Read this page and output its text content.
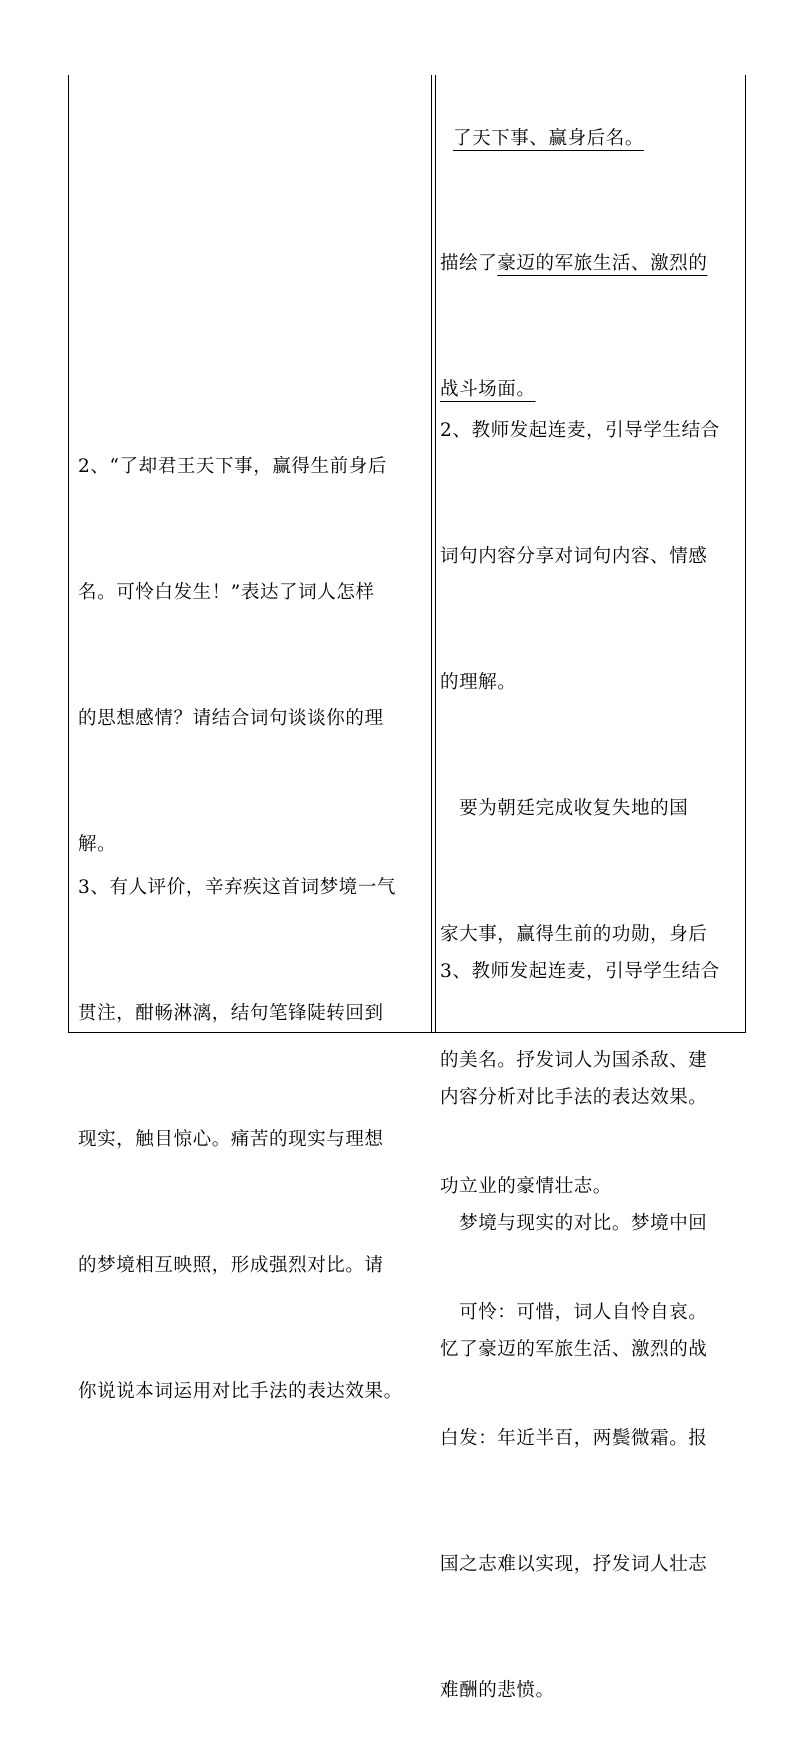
2、“了却君王天下事，赢得生前身后

名。可怜白发生！”表达了词人怎样

的思想感情？请结合词句谈谈你的理

解。

3、有人评价，辛弃疾这首词梦境一气

贯注，酣畅淋漓，结句笔锋陡转回到

现实，触目惊心。痛苦的现实与理想

的梦境相互映照，形成强烈对比。请

你说说本词运用对比手法的表达效果。

了天下事、赢身后名。

描绘了豪迈的军旅生活、激烈的

战斗场面。

2、教师发起连麦，引导学生结合

词句内容分享对词句内容、情感

的理解。

　要为朝廷完成收复失地的国

家大事，赢得生前的功勋，身后

的美名。抒发词人为国杀敌、建

功立业的豪情壮志。

　可怜：可惜，词人自怜自哀。

白发：年近半百，两鬓微霜。报

国之志难以实现，抒发词人壮志

难酬的悲愤。

3、教师发起连麦，引导学生结合

内容分析对比手法的表达效果。

　梦境与现实的对比。梦境中回

忆了豪迈的军旅生活、激烈的战
